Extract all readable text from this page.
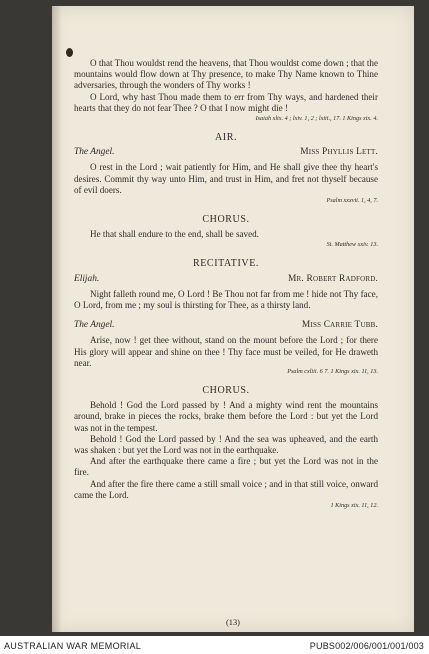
(13)

O that Thou wouldst rend the heavens, that Thou wouldst come down ; that the mountains would flow down at Thy presence, to make Thy Name known to Thine adversaries, through the wonders of Thy works !

O Lord, why hast Thou made them to err from Thy ways, and hardened their hearts that they do not fear Thee ? O that I now might die !

Isaiah xlix. 4 ; lxiv. 1, 2 ; lxiii., 17. 1 Kings xix. 4.
AIR.
The Angel.	Miss Phyllis Lett.

O rest in the Lord ; wait patiently for Him, and He shall give thee thy heart's desires. Commit thy way unto Him, and trust in Him, and fret not thyself because of evil doers.

Psalm xxxvii. 1, 4, 7.
CHORUS.

He that shall endure to the end, shall be saved.

St. Matthew xxiv. 13.
RECITATIVE.
Elijah.	Mr. Robert Radford.

Night falleth round me, O Lord ! Be Thou not far from me ! hide not Thy face, O Lord, from me ; my soul is thirsting for Thee, as a thirsty land.

The Angel.	Miss Carrie Tubb.

Arise, now ! get thee without, stand on the mount before the Lord ; for there His glory will appear and shine on thee ! Thy face must be veiled, for He draweth near.

Psalm cxliii. 6 7. 1 Kings xix. 11, 13.
CHORUS.

Behold ! God the Lord passed by ! And a mighty wind rent the mountains around, brake in pieces the rocks, brake them before the Lord : but yet the Lord was not in the tempest.

Behold ! God the Lord passed by ! And the sea was upheaved, and the earth was shaken : but yet the Lord was not in the earthquake.

And after the earthquake there came a fire ; but yet the Lord was not in the fire.

And after the fire there came a still small voice ; and in that still voice, onward came the Lord.

1 Kings xix. 11, 12.
AUSTRALIAN WAR MEMORIAL	PUBS002/006/001/001/003
